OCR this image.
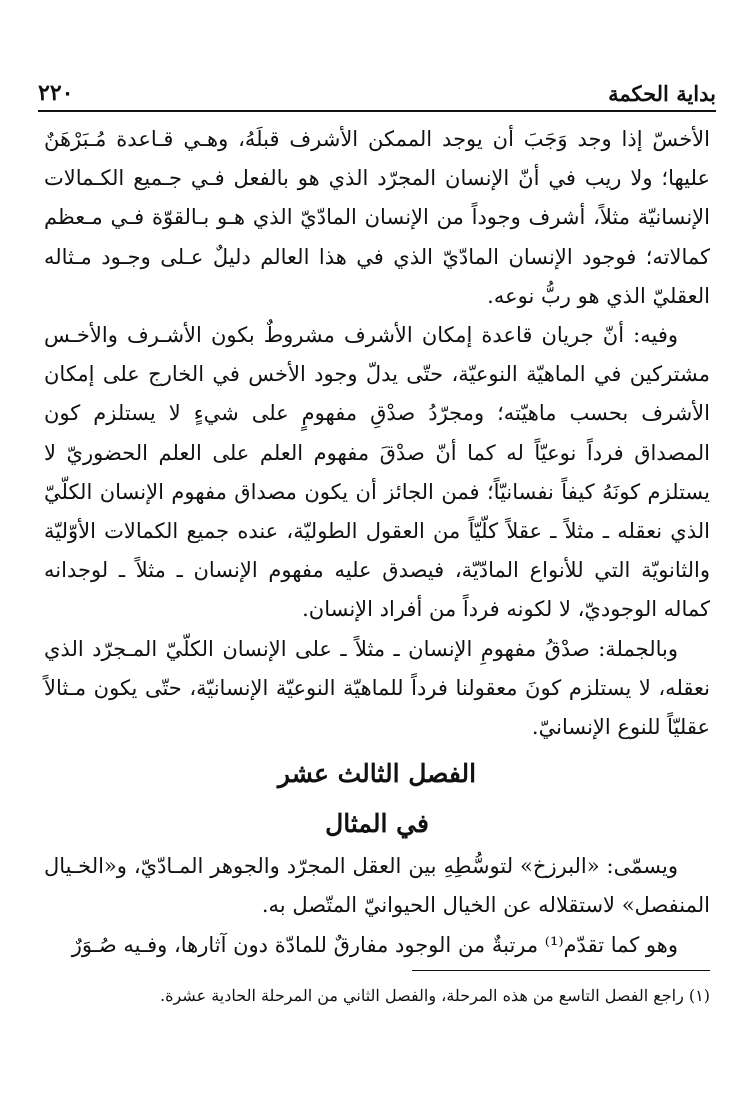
٢٢٠	بداية الحكمة

الأخسّ إذا وجد وَجَبَ أن يوجد الممكن الأشرف قبلَهُ، وهـي قـاعدة مُـبَرْهَنٌ عليها؛ ولا ريب في أنّ الإنسان المجرّد الذي هو بالفعل فـي جـميع الكـمالات الإنسانيّة مثلاً، أشرف وجوداً من الإنسان المادّيّ الذي هـو بـالقوّة فـي مـعظم كمالاته؛ فوجود الإنسان المادّيّ الذي في هذا العالم دليلٌ عـلى وجـود مـثاله العقليّ الذي هو ربُّ نوعه.

وفيه: أنّ جريان قاعدة إمكان الأشرف مشروطٌ بكون الأشـرف والأخـس مشتركين في الماهيّة النوعيّة، حتّى يدلّ وجود الأخس في الخارج على إمكان الأشرف بحسب ماهيّته؛ ومجرّدُ صدْقِ مفهومٍ على شيءٍ لا يستلزم كون المصداق فرداً نوعيّاً له كما أنّ صدْقَ مفهوم العلم على العلم الحضوريّ لا يستلزم كونَهُ كيفاً نفسانيّاً؛ فمن الجائز أن يكون مصداق مفهوم الإنسان الكلّيّ الذي نعقله ـ مثلاً ـ عقلاً كلّيّاً من العقول الطوليّة، عنده جميع الكمالات الأوّليّة والثانويّة التي للأنواع المادّيّة، فيصدق عليه مفهوم الإنسان ـ مثلاً ـ لوجدانه كماله الوجوديّ، لا لكونه فرداً من أفراد الإنسان.

وبالجملة: صدْقُ مفهومِ الإنسان ـ مثلاً ـ على الإنسان الكلّيّ المـجرّد الذي نعقله، لا يستلزم كونَ معقولنا فرداً للماهيّة النوعيّة الإنسانيّة، حتّى يكون مـثالاً عقليّاً للنوع الإنسانيّ.

الفصل الثالث عشر
في المثال

ويسمّى: «البرزخ» لتوسُّطِهِ بين العقل المجرّد والجوهر المـادّيّ، و«الخـيال المنفصل» لاستقلاله عن الخيال الحيوانيّ المتّصل به.

وهو كما تقدّم⁽¹⁾ مرتبةٌ من الوجود مفارقٌ للمادّة دون آثارها، وفـيه صُـوَرٌ

(١) راجع الفصل التاسع من هذه المرحلة، والفصل الثاني من المرحلة الحادية عشرة.
